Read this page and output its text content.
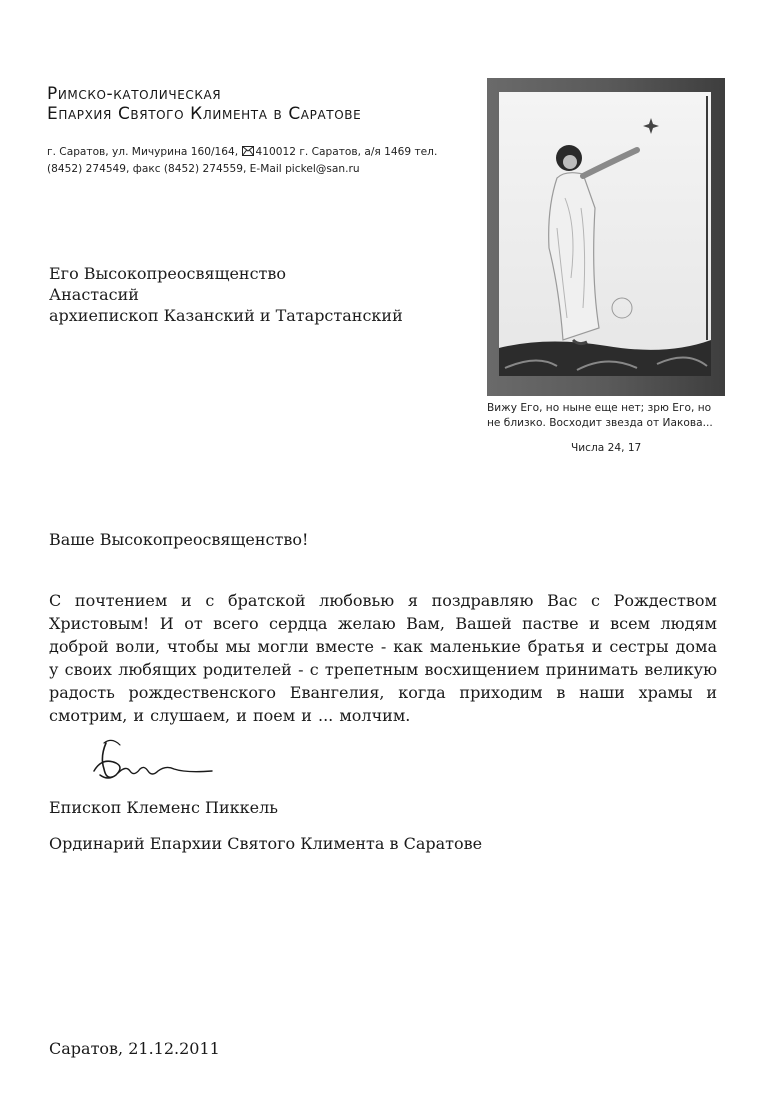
Римско-католическая
Епархия Святого Климента в Саратове
г. Саратов, ул. Мичурина 160/164, 410012 г. Саратов, а/я 1469 тел.
(8452) 274549, факс (8452) 274559, E-Mail pickel@san.ru
Вижу Его, но ныне еще нет; зрю Его, но
не близко. Восходит звезда от Иакова...
Числа 24, 17
Его Высокопреосвященство
Анастасий
архиепископ Казанский и Татарстанский
Ваше Высокопреосвященство!
С почтением и с братской любовью я поздравляю Вас с Рождеством Христовым! И от всего сердца желаю Вам, Вашей пастве и всем людям доброй воли, чтобы мы могли вместе - как маленькие братья и сестры дома у своих любящих родителей - с трепетным восхищением принимать великую радость рождественского Евангелия, когда приходим в наши храмы и смотрим, и слушаем, и поем и ... молчим.
Епископ Клеменс Пиккель
Ординарий Епархии Святого Климента в Саратове
Саратов, 21.12.2011
